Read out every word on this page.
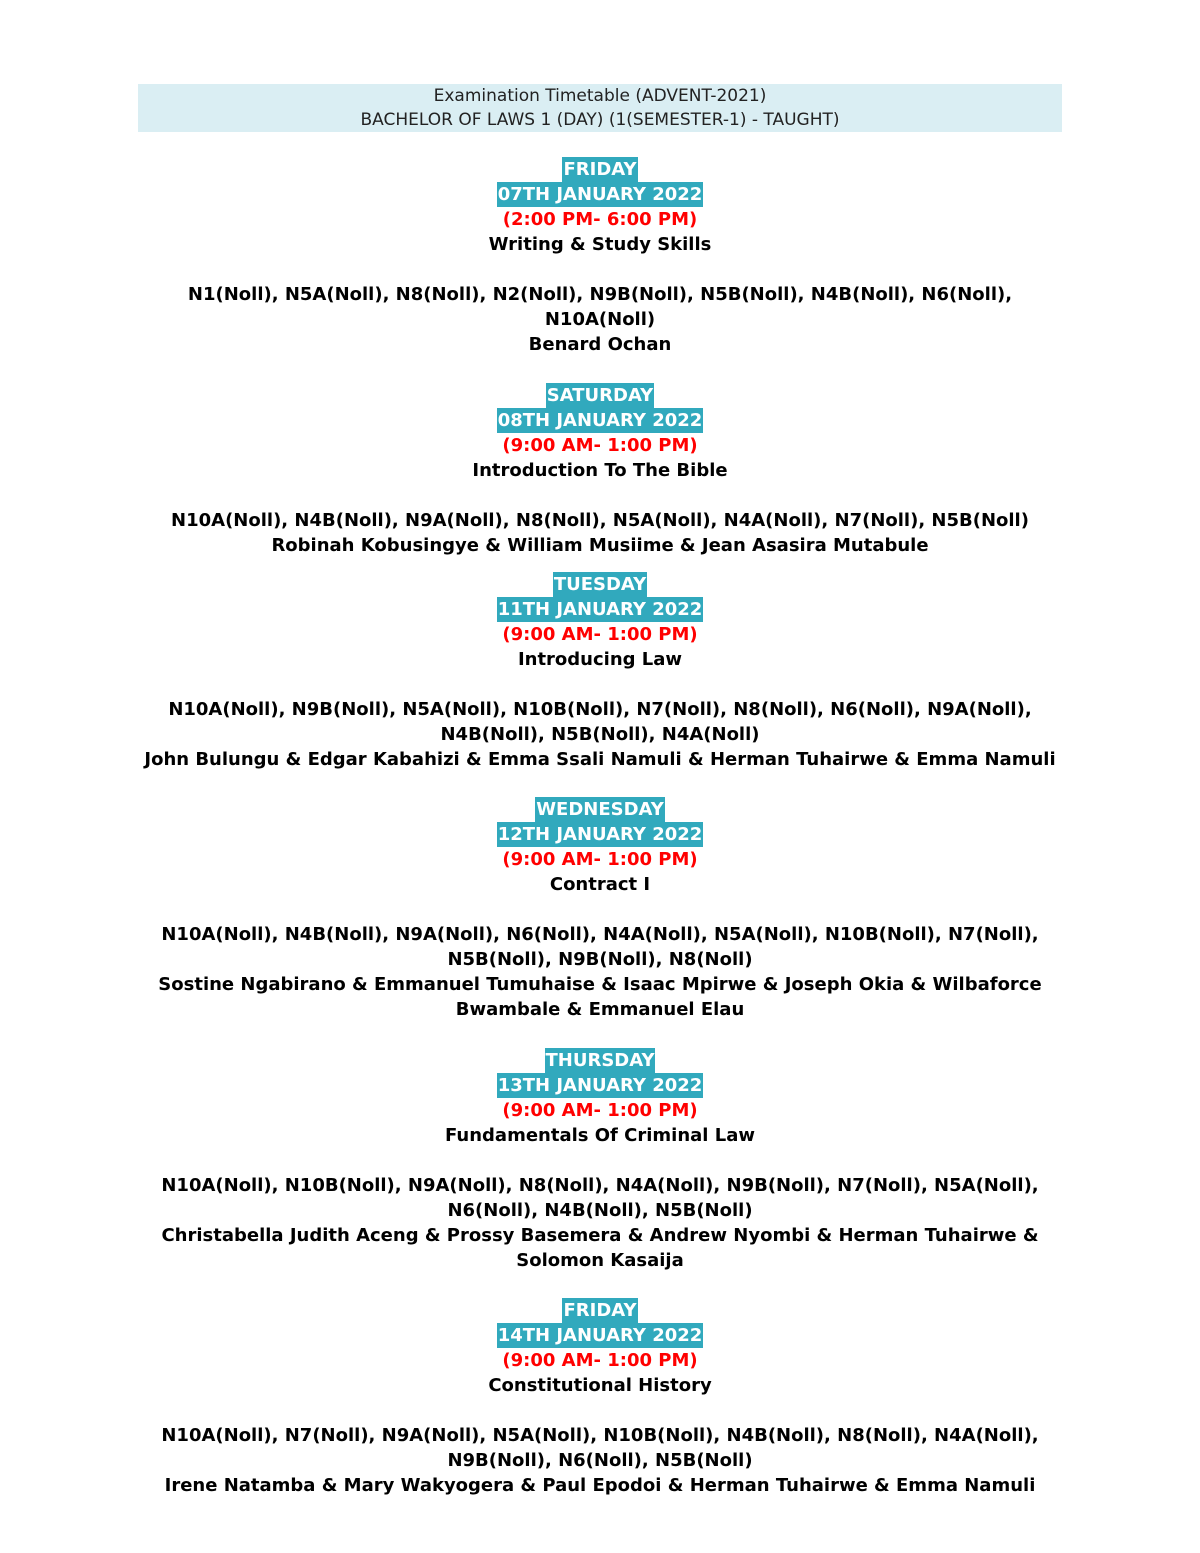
Examination Timetable (ADVENT-2021)
BACHELOR OF LAWS 1 (DAY) (1(SEMESTER-1) - TAUGHT)
FRIDAY
07TH JANUARY 2022
(2:00 PM- 6:00 PM)
Writing & Study Skills
N1(Noll), N5A(Noll), N8(Noll), N2(Noll), N9B(Noll), N5B(Noll), N4B(Noll), N6(Noll), N10A(Noll)
Benard Ochan
SATURDAY
08TH JANUARY 2022
(9:00 AM- 1:00 PM)
Introduction To The Bible
N10A(Noll), N4B(Noll), N9A(Noll), N8(Noll), N5A(Noll), N4A(Noll), N7(Noll), N5B(Noll)
Robinah Kobusingye & William Musiime & Jean Asasira Mutabule
TUESDAY
11TH JANUARY 2022
(9:00 AM- 1:00 PM)
Introducing Law
N10A(Noll), N9B(Noll), N5A(Noll), N10B(Noll), N7(Noll), N8(Noll), N6(Noll), N9A(Noll), N4B(Noll), N5B(Noll), N4A(Noll)
John Bulungu & Edgar Kabahizi & Emma Ssali Namuli & Herman Tuhairwe & Emma Namuli
WEDNESDAY
12TH JANUARY 2022
(9:00 AM- 1:00 PM)
Contract I
N10A(Noll), N4B(Noll), N9A(Noll), N6(Noll), N4A(Noll), N5A(Noll), N10B(Noll), N7(Noll), N5B(Noll), N9B(Noll), N8(Noll)
Sostine Ngabirano & Emmanuel Tumuhaise & Isaac Mpirwe & Joseph Okia & Wilbaforce Bwambale & Emmanuel Elau
THURSDAY
13TH JANUARY 2022
(9:00 AM- 1:00 PM)
Fundamentals Of Criminal Law
N10A(Noll), N10B(Noll), N9A(Noll), N8(Noll), N4A(Noll), N9B(Noll), N7(Noll), N5A(Noll), N6(Noll), N4B(Noll), N5B(Noll)
Christabella Judith Aceng & Prossy Basemera & Andrew Nyombi & Herman Tuhairwe & Solomon Kasaija
FRIDAY
14TH JANUARY 2022
(9:00 AM- 1:00 PM)
Constitutional History
N10A(Noll), N7(Noll), N9A(Noll), N5A(Noll), N10B(Noll), N4B(Noll), N8(Noll), N4A(Noll), N9B(Noll), N6(Noll), N5B(Noll)
Irene Natamba & Mary Wakyogera & Paul Epodoi & Herman Tuhairwe & Emma Namuli
